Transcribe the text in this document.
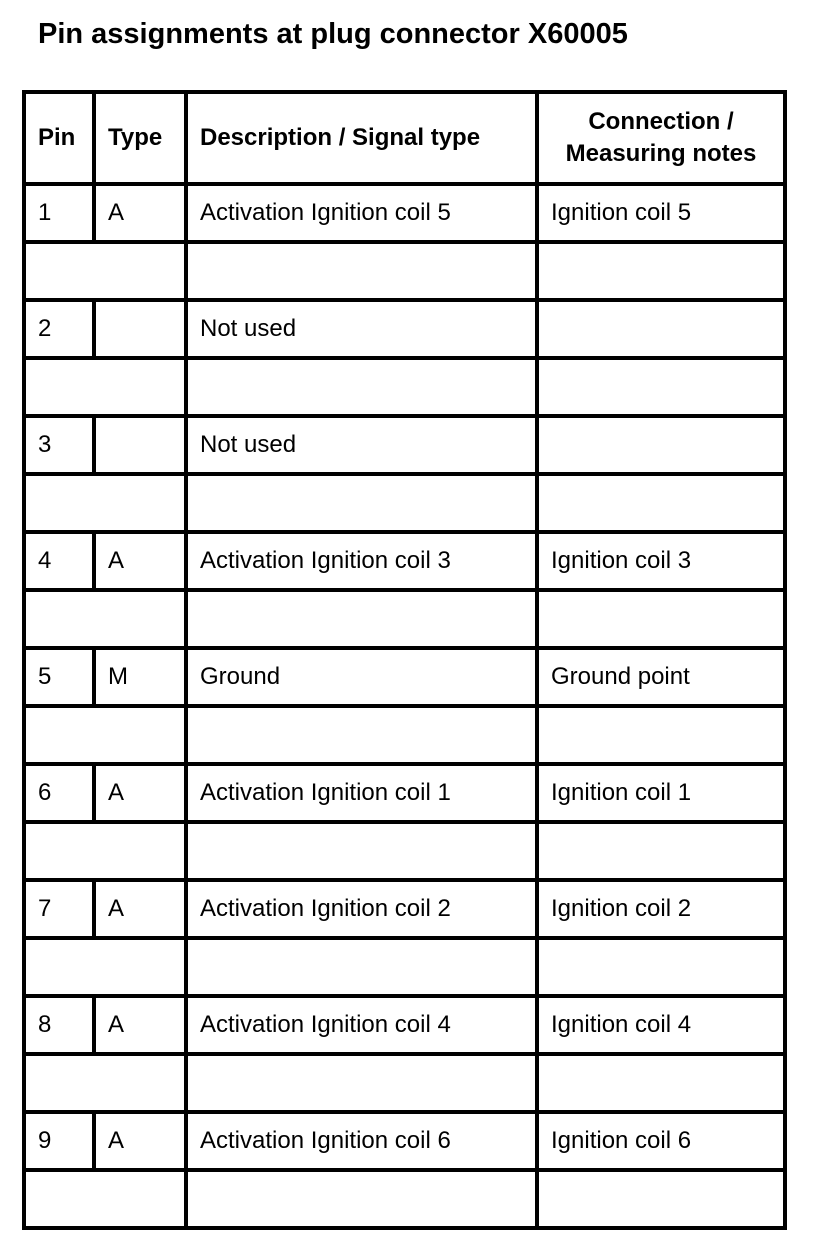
Pin assignments at plug connector X60005
Pin	Type	Description / Signal type	Connection /
Measuring notes
1	A	Activation Ignition coil 5	Ignition coil 5

2		Not used	

3		Not used	

4	A	Activation Ignition coil 3	Ignition coil 3

5	M	Ground	Ground point

6	A	Activation Ignition coil 1	Ignition coil 1

7	A	Activation Ignition coil 2	Ignition coil 2

8	A	Activation Ignition coil 4	Ignition coil 4

9	A	Activation Ignition coil 6	Ignition coil 6
